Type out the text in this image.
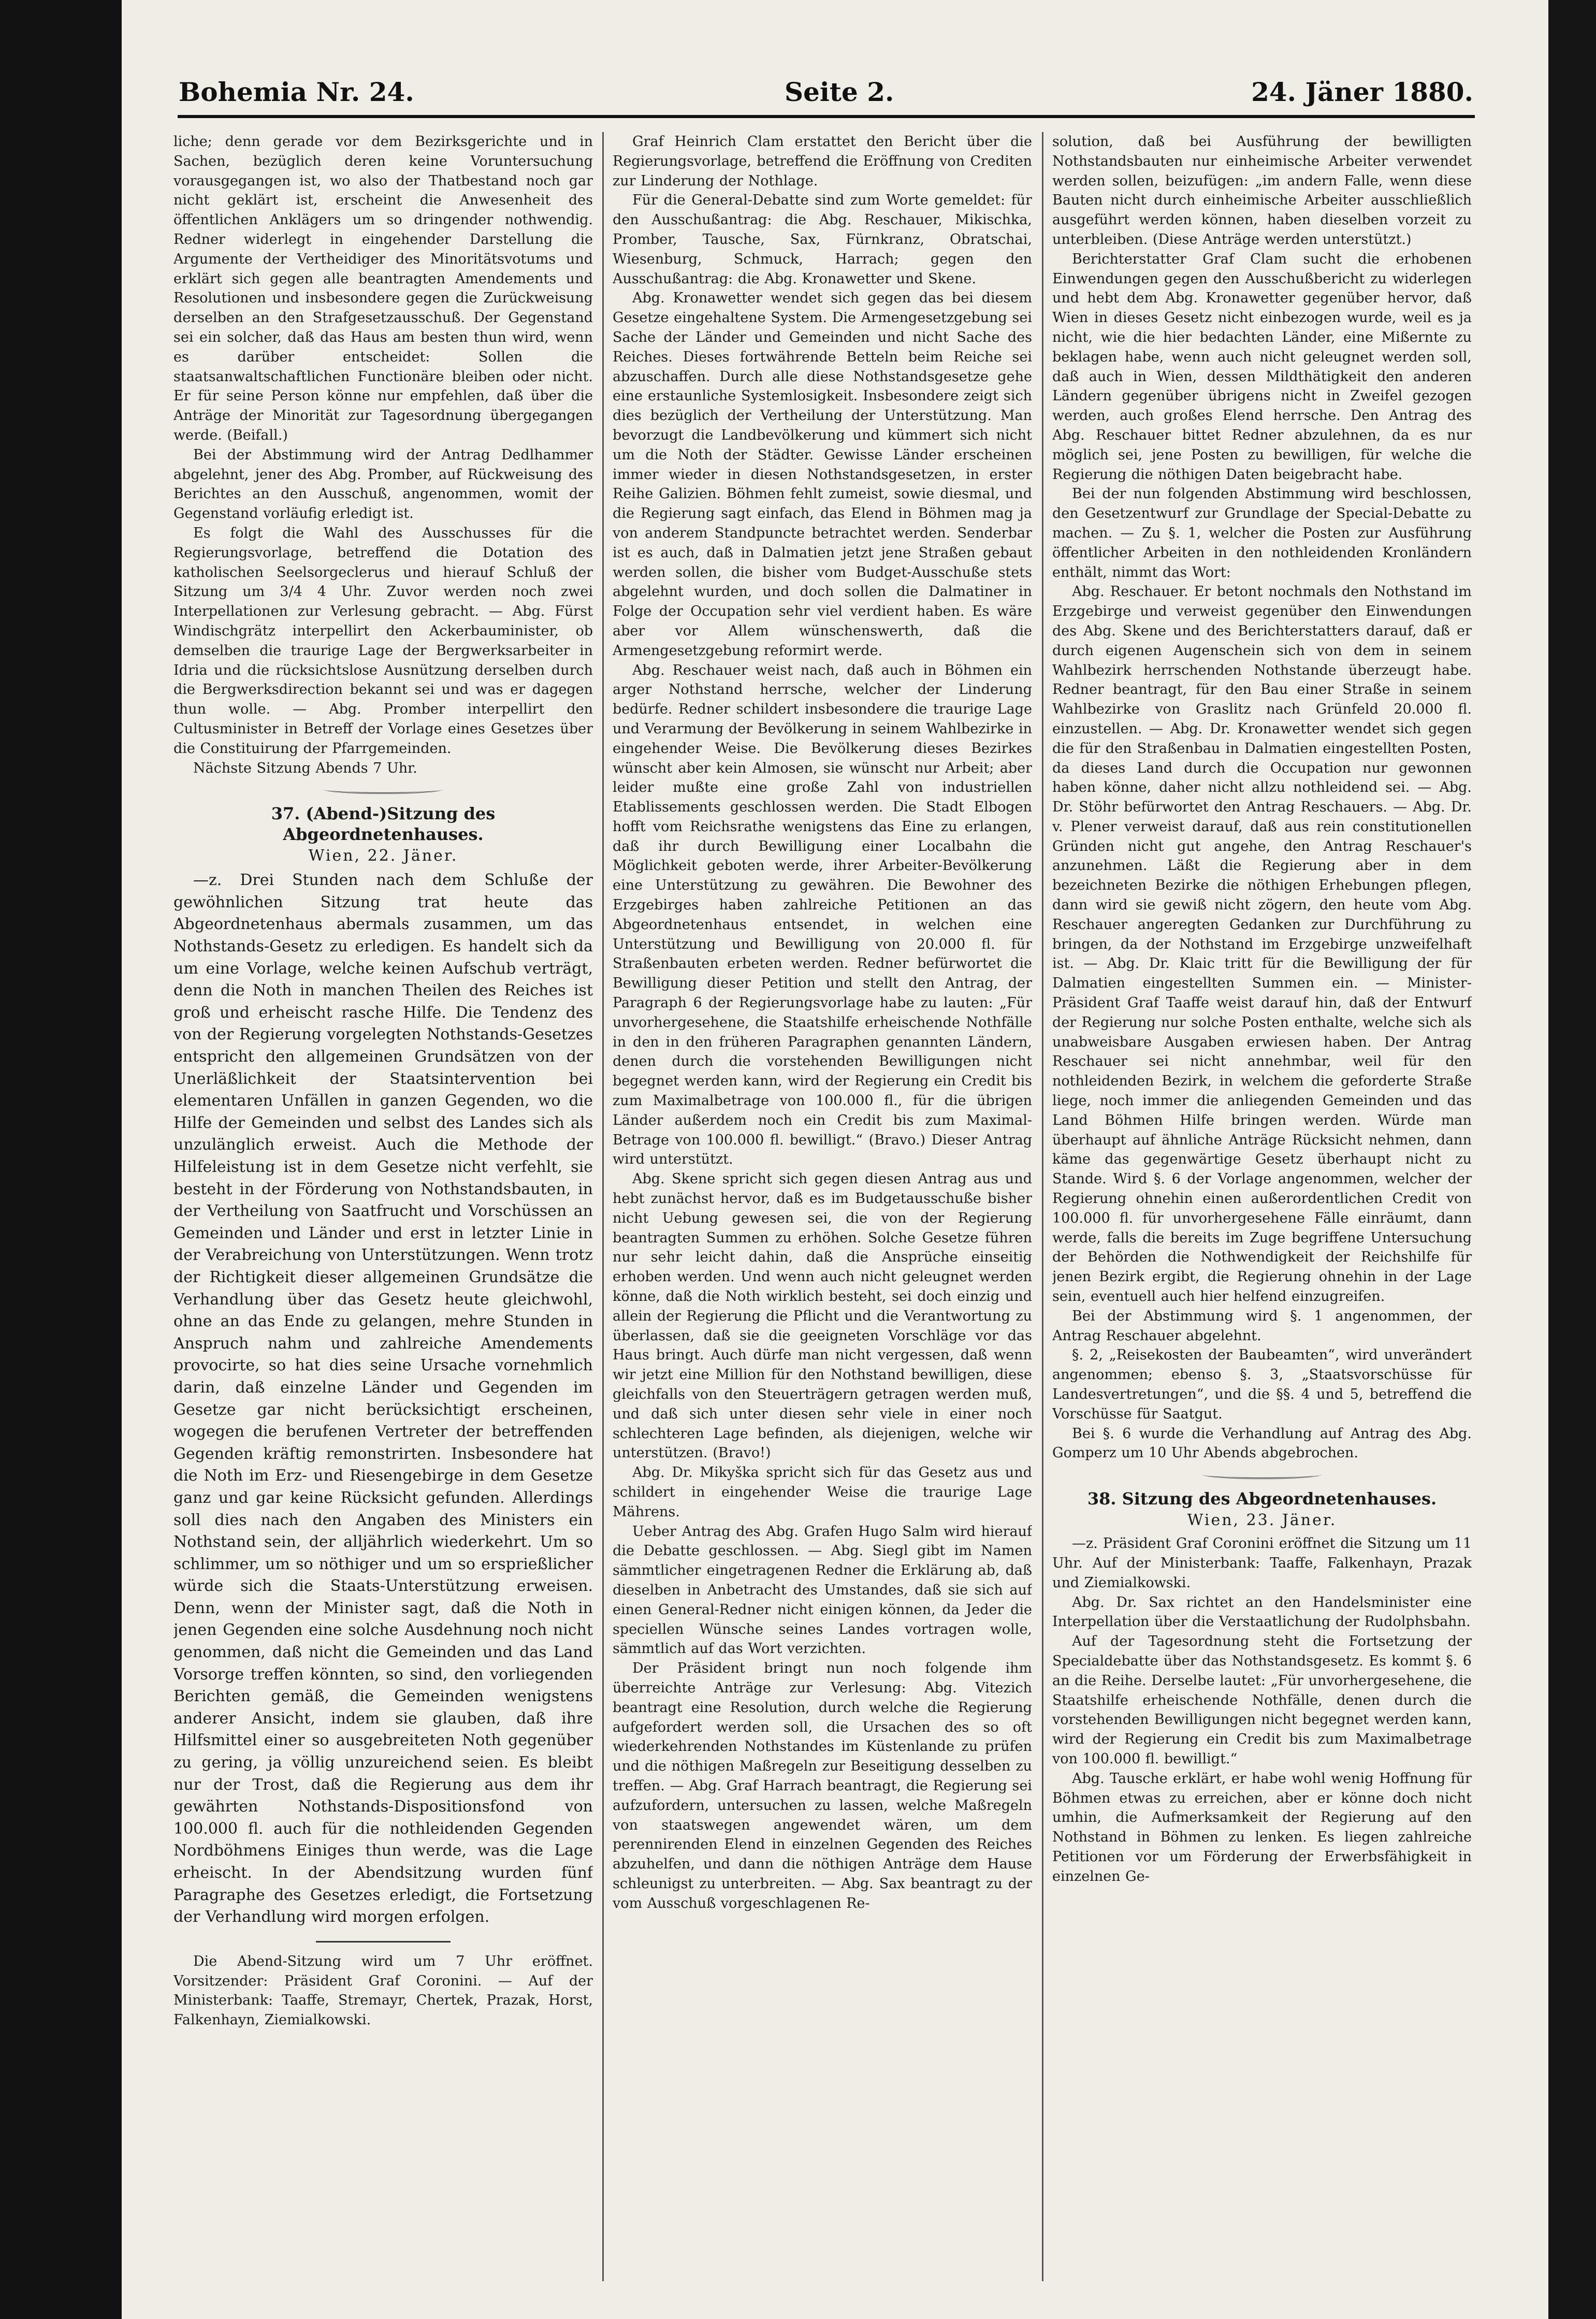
Bohemia Nr. 24.	Seite 2.	24. Jäner 1880.

liche; denn gerade vor dem Bezirksgerichte und in Sachen, bezüglich deren keine Voruntersuchung vorausgegangen ist, wo also der Thatbestand noch gar nicht geklärt ist, erscheint die Anwesenheit des öffentlichen Anklägers um so dringender nothwendig. Redner widerlegt in eingehender Darstellung die Argumente der Vertheidiger des Minoritätsvotums und erklärt sich gegen alle beantragten Amendements und Resolutionen und insbesondere gegen die Zurückweisung derselben an den Strafgesetzausschuß. Der Gegenstand sei ein solcher, daß das Haus am besten thun wird, wenn es darüber entscheidet: Sollen die staatsanwaltschaftlichen Functionäre bleiben oder nicht. Er für seine Person könne nur empfehlen, daß über die Anträge der Minorität zur Tagesordnung übergegangen werde. (Beifall.)

Bei der Abstimmung wird der Antrag Dedlhammer abgelehnt, jener des Abg. Promber, auf Rückweisung des Berichtes an den Ausschuß, angenommen, womit der Gegenstand vorläufig erledigt ist.

Es folgt die Wahl des Ausschusses für die Regierungsvorlage, betreffend die Dotation des katholischen Seelsorgeclerus und hierauf Schluß der Sitzung um 3/4 4 Uhr. Zuvor werden noch zwei Interpellationen zur Verlesung gebracht. — Abg. Fürst Windischgrätz interpellirt den Ackerbauminister, ob demselben die traurige Lage der Bergwerksarbeiter in Idria und die rücksichtslose Ausnützung derselben durch die Bergwerksdirection bekannt sei und was er dagegen thun wolle. — Abg. Promber interpellirt den Cultusminister in Betreff der Vorlage eines Gesetzes über die Constituirung der Pfarrgemeinden.

Nächste Sitzung Abends 7 Uhr.

37. (Abend-)Sitzung des Abgeordnetenhauses.
Wien, 22. Jäner.

—z. Drei Stunden nach dem Schluße der gewöhnlichen Sitzung trat heute das Abgeordnetenhaus abermals zusammen, um das Nothstands-Gesetz zu erledigen. Es handelt sich da um eine Vorlage, welche keinen Aufschub verträgt, denn die Noth in manchen Theilen des Reiches ist groß und erheischt rasche Hilfe. Die Tendenz des von der Regierung vorgelegten Nothstands-Gesetzes entspricht den allgemeinen Grundsätzen von der Unerläßlichkeit der Staatsintervention bei elementaren Unfällen in ganzen Gegenden, wo die Hilfe der Gemeinden und selbst des Landes sich als unzulänglich erweist. Auch die Methode der Hilfeleistung ist in dem Gesetze nicht verfehlt, sie besteht in der Förderung von Nothstandsbauten, in der Vertheilung von Saatfrucht und Vorschüssen an Gemeinden und Länder und erst in letzter Linie in der Verabreichung von Unterstützungen. Wenn trotz der Richtigkeit dieser allgemeinen Grundsätze die Verhandlung über das Gesetz heute gleichwohl, ohne an das Ende zu gelangen, mehre Stunden in Anspruch nahm und zahlreiche Amendements provocirte, so hat dies seine Ursache vornehmlich darin, daß einzelne Länder und Gegenden im Gesetze gar nicht berücksichtigt erscheinen, wogegen die berufenen Vertreter der betreffenden Gegenden kräftig remonstrirten. Insbesondere hat die Noth im Erz- und Riesengebirge in dem Gesetze ganz und gar keine Rücksicht gefunden. Allerdings soll dies nach den Angaben des Ministers ein Nothstand sein, der alljährlich wiederkehrt. Um so schlimmer, um so nöthiger und um so ersprießlicher würde sich die Staats-Unterstützung erweisen. Denn, wenn der Minister sagt, daß die Noth in jenen Gegenden eine solche Ausdehnung noch nicht genommen, daß nicht die Gemeinden und das Land Vorsorge treffen könnten, so sind, den vorliegenden Berichten gemäß, die Gemeinden wenigstens anderer Ansicht, indem sie glauben, daß ihre Hilfsmittel einer so ausgebreiteten Noth gegenüber zu gering, ja völlig unzureichend seien. Es bleibt nur der Trost, daß die Regierung aus dem ihr gewährten Nothstands-Dispositionsfond von 100.000 fl. auch für die nothleidenden Gegenden Nordböhmens Einiges thun werde, was die Lage erheischt. In der Abendsitzung wurden fünf Paragraphe des Gesetzes erledigt, die Fortsetzung der Verhandlung wird morgen erfolgen.

Die Abend-Sitzung wird um 7 Uhr eröffnet. Vorsitzender: Präsident Graf Coronini. — Auf der Ministerbank: Taaffe, Stremayr, Chertek, Prazak, Horst, Falkenhayn, Ziemialkowski.

Graf Heinrich Clam erstattet den Bericht über die Regierungsvorlage, betreffend die Eröffnung von Crediten zur Linderung der Nothlage.

Für die General-Debatte sind zum Worte gemeldet: für den Ausschußantrag: die Abg. Reschauer, Mikischka, Promber, Tausche, Sax, Fürnkranz, Obratschai, Wiesenburg, Schmuck, Harrach; gegen den Ausschußantrag: die Abg. Kronawetter und Skene.

Abg. Kronawetter wendet sich gegen das bei diesem Gesetze eingehaltene System. Die Armengesetzgebung sei Sache der Länder und Gemeinden und nicht Sache des Reiches. Dieses fortwährende Betteln beim Reiche sei abzuschaffen. Durch alle diese Nothstandsgesetze gehe eine erstaunliche Systemlosigkeit. Insbesondere zeigt sich dies bezüglich der Vertheilung der Unterstützung. Man bevorzugt die Landbevölkerung und kümmert sich nicht um die Noth der Städter. Gewisse Länder erscheinen immer wieder in diesen Nothstandsgesetzen, in erster Reihe Galizien. Böhmen fehlt zumeist, sowie diesmal, und die Regierung sagt einfach, das Elend in Böhmen mag ja von anderem Standpuncte betrachtet werden. Senderbar ist es auch, daß in Dalmatien jetzt jene Straßen gebaut werden sollen, die bisher vom Budget-Ausschuße stets abgelehnt wurden, und doch sollen die Dalmatiner in Folge der Occupation sehr viel verdient haben. Es wäre aber vor Allem wünschenswerth, daß die Armengesetzgebung reformirt werde.

Abg. Reschauer weist nach, daß auch in Böhmen ein arger Nothstand herrsche, welcher der Linderung bedürfe. Redner schildert insbesondere die traurige Lage und Verarmung der Bevölkerung in seinem Wahlbezirke in eingehender Weise. Die Bevölkerung dieses Bezirkes wünscht aber kein Almosen, sie wünscht nur Arbeit; aber leider mußte eine große Zahl von industriellen Etablissements geschlossen werden. Die Stadt Elbogen hofft vom Reichsrathe wenigstens das Eine zu erlangen, daß ihr durch Bewilligung einer Localbahn die Möglichkeit geboten werde, ihrer Arbeiter-Bevölkerung eine Unterstützung zu gewähren. Die Bewohner des Erzgebirges haben zahlreiche Petitionen an das Abgeordnetenhaus entsendet, in welchen eine Unterstützung und Bewilligung von 20.000 fl. für Straßenbauten erbeten werden. Redner befürwortet die Bewilligung dieser Petition und stellt den Antrag, der Paragraph 6 der Regierungsvorlage habe zu lauten: „Für unvorhergesehene, die Staatshilfe erheischende Nothfälle in den in den früheren Paragraphen genannten Ländern, denen durch die vorstehenden Bewilligungen nicht begegnet werden kann, wird der Regierung ein Credit bis zum Maximalbetrage von 100.000 fl., für die übrigen Länder außerdem noch ein Credit bis zum Maximal-Betrage von 100.000 fl. bewilligt.“ (Bravo.) Dieser Antrag wird unterstützt.

Abg. Skene spricht sich gegen diesen Antrag aus und hebt zunächst hervor, daß es im Budgetausschuße bisher nicht Uebung gewesen sei, die von der Regierung beantragten Summen zu erhöhen. Solche Gesetze führen nur sehr leicht dahin, daß die Ansprüche einseitig erhoben werden. Und wenn auch nicht geleugnet werden könne, daß die Noth wirklich besteht, sei doch einzig und allein der Regierung die Pflicht und die Verantwortung zu überlassen, daß sie die geeigneten Vorschläge vor das Haus bringt. Auch dürfe man nicht vergessen, daß wenn wir jetzt eine Million für den Nothstand bewilligen, diese gleichfalls von den Steuerträgern getragen werden muß, und daß sich unter diesen sehr viele in einer noch schlechteren Lage befinden, als diejenigen, welche wir unterstützen. (Bravo!)

Abg. Dr. Mikyška spricht sich für das Gesetz aus und schildert in eingehender Weise die traurige Lage Mährens.

Ueber Antrag des Abg. Grafen Hugo Salm wird hierauf die Debatte geschlossen. — Abg. Siegl gibt im Namen sämmtlicher eingetragenen Redner die Erklärung ab, daß dieselben in Anbetracht des Umstandes, daß sie sich auf einen General-Redner nicht einigen können, da Jeder die speciellen Wünsche seines Landes vortragen wolle, sämmtlich auf das Wort verzichten.

Der Präsident bringt nun noch folgende ihm überreichte Anträge zur Verlesung: Abg. Vitezich beantragt eine Resolution, durch welche die Regierung aufgefordert werden soll, die Ursachen des so oft wiederkehrenden Nothstandes im Küstenlande zu prüfen und die nöthigen Maßregeln zur Beseitigung desselben zu treffen. — Abg. Graf Harrach beantragt, die Regierung sei aufzufordern, untersuchen zu lassen, welche Maßregeln von staatswegen angewendet wären, um dem perennirenden Elend in einzelnen Gegenden des Reiches abzuhelfen, und dann die nöthigen Anträge dem Hause schleunigst zu unterbreiten. — Abg. Sax beantragt zu der vom Ausschuß vorgeschlagenen Re-

solution, daß bei Ausführung der bewilligten Nothstandsbauten nur einheimische Arbeiter verwendet werden sollen, beizufügen: „im andern Falle, wenn diese Bauten nicht durch einheimische Arbeiter ausschließlich ausgeführt werden können, haben dieselben vorzeit zu unterbleiben. (Diese Anträge werden unterstützt.)

Berichterstatter Graf Clam sucht die erhobenen Einwendungen gegen den Ausschußbericht zu widerlegen und hebt dem Abg. Kronawetter gegenüber hervor, daß Wien in dieses Gesetz nicht einbezogen wurde, weil es ja nicht, wie die hier bedachten Länder, eine Mißernte zu beklagen habe, wenn auch nicht geleugnet werden soll, daß auch in Wien, dessen Mildthätigkeit den anderen Ländern gegenüber übrigens nicht in Zweifel gezogen werden, auch großes Elend herrsche. Den Antrag des Abg. Reschauer bittet Redner abzulehnen, da es nur möglich sei, jene Posten zu bewilligen, für welche die Regierung die nöthigen Daten beigebracht habe.

Bei der nun folgenden Abstimmung wird beschlossen, den Gesetzentwurf zur Grundlage der Special-Debatte zu machen. — Zu §. 1, welcher die Posten zur Ausführung öffentlicher Arbeiten in den nothleidenden Kronländern enthält, nimmt das Wort:

Abg. Reschauer. Er betont nochmals den Nothstand im Erzgebirge und verweist gegenüber den Einwendungen des Abg. Skene und des Berichterstatters darauf, daß er durch eigenen Augenschein sich von dem in seinem Wahlbezirk herrschenden Nothstande überzeugt habe. Redner beantragt, für den Bau einer Straße in seinem Wahlbezirke von Graslitz nach Grünfeld 20.000 fl. einzustellen. — Abg. Dr. Kronawetter wendet sich gegen die für den Straßenbau in Dalmatien eingestellten Posten, da dieses Land durch die Occupation nur gewonnen haben könne, daher nicht allzu nothleidend sei. — Abg. Dr. Stöhr befürwortet den Antrag Reschauers. — Abg. Dr. v. Plener verweist darauf, daß aus rein constitutionellen Gründen nicht gut angehe, den Antrag Reschauer's anzunehmen. Läßt die Regierung aber in dem bezeichneten Bezirke die nöthigen Erhebungen pflegen, dann wird sie gewiß nicht zögern, den heute vom Abg. Reschauer angeregten Gedanken zur Durchführung zu bringen, da der Nothstand im Erzgebirge unzweifelhaft ist. — Abg. Dr. Klaic tritt für die Bewilligung der für Dalmatien eingestellten Summen ein. — Minister-Präsident Graf Taaffe weist darauf hin, daß der Entwurf der Regierung nur solche Posten enthalte, welche sich als unabweisbare Ausgaben erwiesen haben. Der Antrag Reschauer sei nicht annehmbar, weil für den nothleidenden Bezirk, in welchem die geforderte Straße liege, noch immer die anliegenden Gemeinden und das Land Böhmen Hilfe bringen werden. Würde man überhaupt auf ähnliche Anträge Rücksicht nehmen, dann käme das gegenwärtige Gesetz überhaupt nicht zu Stande. Wird §. 6 der Vorlage angenommen, welcher der Regierung ohnehin einen außerordentlichen Credit von 100.000 fl. für unvorhergesehene Fälle einräumt, dann werde, falls die bereits im Zuge begriffene Untersuchung der Behörden die Nothwendigkeit der Reichshilfe für jenen Bezirk ergibt, die Regierung ohnehin in der Lage sein, eventuell auch hier helfend einzugreifen.

Bei der Abstimmung wird §. 1 angenommen, der Antrag Reschauer abgelehnt.

§. 2, „Reisekosten der Baubeamten“, wird unverändert angenommen; ebenso §. 3, „Staatsvorschüsse für Landesvertretungen“, und die §§. 4 und 5, betreffend die Vorschüsse für Saatgut.

Bei §. 6 wurde die Verhandlung auf Antrag des Abg. Gomperz um 10 Uhr Abends abgebrochen.

38. Sitzung des Abgeordnetenhauses.
Wien, 23. Jäner.

—z. Präsident Graf Coronini eröffnet die Sitzung um 11 Uhr. Auf der Ministerbank: Taaffe, Falkenhayn, Prazak und Ziemialkowski.

Abg. Dr. Sax richtet an den Handelsminister eine Interpellation über die Verstaatlichung der Rudolphsbahn.

Auf der Tagesordnung steht die Fortsetzung der Specialdebatte über das Nothstandsgesetz. Es kommt §. 6 an die Reihe. Derselbe lautet: „Für unvorhergesehene, die Staatshilfe erheischende Nothfälle, denen durch die vorstehenden Bewilligungen nicht begegnet werden kann, wird der Regierung ein Credit bis zum Maximalbetrage von 100.000 fl. bewilligt.“

Abg. Tausche erklärt, er habe wohl wenig Hoffnung für Böhmen etwas zu erreichen, aber er könne doch nicht umhin, die Aufmerksamkeit der Regierung auf den Nothstand in Böhmen zu lenken. Es liegen zahlreiche Petitionen vor um Förderung der Erwerbsfähigkeit in einzelnen Ge-
